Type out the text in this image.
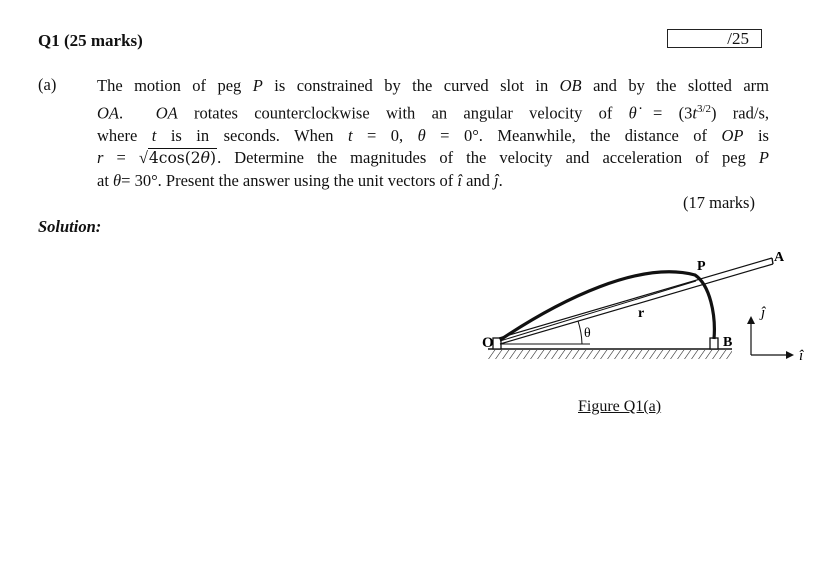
Q1 (25 marks)	/25
(a) The motion of peg P is constrained by the curved slot in OB and by the slotted arm
OA.  OA rotates counterclockwise with an angular velocity of θ̇ = $(3t^{3/2})$ rad/s,
where t is in seconds. When t = 0, θ = 0°. Meanwhile, the distance of OP is
r = √4cos(2θ). Determine the magnitudes of the velocity and acceleration of peg P
at θ= 30°. Present the answer using the unit vectors of î and ĵ.
(17 marks)
Solution:
O
A
B
P
r
θ
î
ĵ
Figure Q1(a)
